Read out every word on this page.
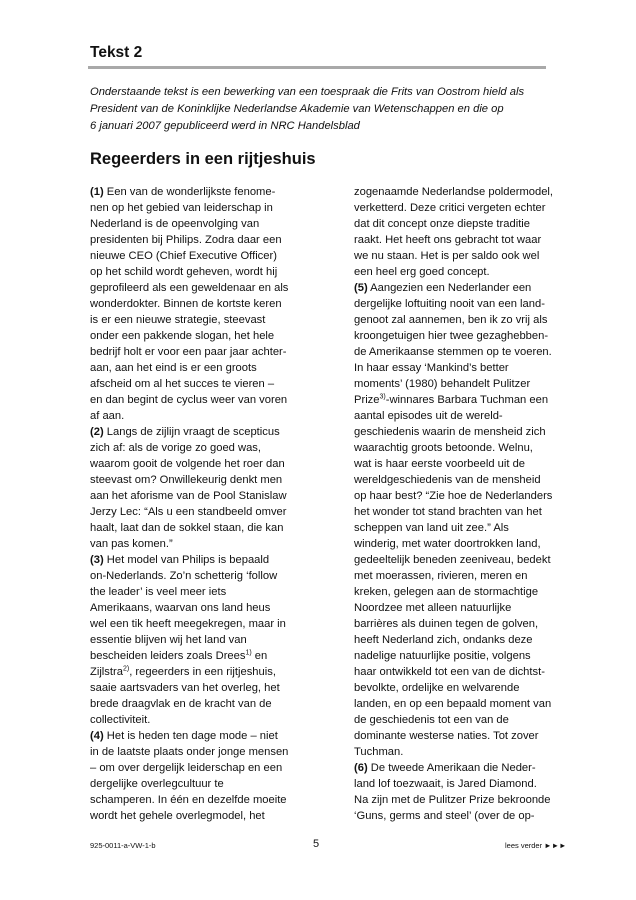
Tekst 2
Onderstaande tekst is een bewerking van een toespraak die Frits van Oostrom hield als
President van de Koninklijke Nederlandse Akademie van Wetenschappen en die op
6 januari 2007 gepubliceerd werd in NRC Handelsblad
Regeerders in een rijtjeshuis
(1) Een van de wonderlijkste fenome-
nen op het gebied van leiderschap in
Nederland is de opeenvolging van
presidenten bij Philips. Zodra daar een
nieuwe CEO (Chief Executive Officer)
op het schild wordt geheven, wordt hij
geprofileerd als een geweldenaar en als
wonderdokter. Binnen de kortste keren
is er een nieuwe strategie, steevast
onder een pakkende slogan, het hele
bedrijf holt er voor een paar jaar achter-
aan, aan het eind is er een groots
afscheid om al het succes te vieren –
en dan begint de cyclus weer van voren
af aan.
(2) Langs de zijlijn vraagt de scepticus
zich af: als de vorige zo goed was,
waarom gooit de volgende het roer dan
steevast om? Onwillekeurig denkt men
aan het aforisme van de Pool Stanislaw
Jerzy Lec: “Als u een standbeeld omver
haalt, laat dan de sokkel staan, die kan
van pas komen.”
(3) Het model van Philips is bepaald
on-Nederlands. Zo’n schetterig ‘follow
the leader’ is veel meer iets
Amerikaans, waarvan ons land heus
wel een tik heeft meegekregen, maar in
essentie blijven wij het land van
bescheiden leiders zoals Drees$^{1)}$ en
Zijlstra$^{2)}$, regeerders in een rijtjeshuis,
saaie aartsvaders van het overleg, het
brede draagvlak en de kracht van de
collectiviteit.
(4) Het is heden ten dage mode – niet
in de laatste plaats onder jonge mensen
– om over dergelijk leiderschap en een
dergelijke overlegcultuur te
schamperen. In één en dezelfde moeite
wordt het gehele overlegmodel, het
zogenaamde Nederlandse poldermodel,
verketterd. Deze critici vergeten echter
dat dit concept onze diepste traditie
raakt. Het heeft ons gebracht tot waar
we nu staan. Het is per saldo ook wel
een heel erg goed concept.
(5) Aangezien een Nederlander een
dergelijke loftuiting nooit van een land-
genoot zal aannemen, ben ik zo vrij als
kroongetuigen hier twee gezaghebben-
de Amerikaanse stemmen op te voeren.
In haar essay ‘Mankind’s better
moments’ (1980) behandelt Pulitzer
Prize$^{3)}$-winnares Barbara Tuchman een
aantal episodes uit de wereld-
geschiedenis waarin de mensheid zich
waarachtig groots betoonde. Welnu,
wat is haar eerste voorbeeld uit de
wereldgeschiedenis van de mensheid
op haar best? “Zie hoe de Nederlanders
het wonder tot stand brachten van het
scheppen van land uit zee.” Als
winderig, met water doortrokken land,
gedeeltelijk beneden zeeniveau, bedekt
met moerassen, rivieren, meren en
kreken, gelegen aan de stormachtige
Noordzee met alleen natuurlijke
barrières als duinen tegen de golven,
heeft Nederland zich, ondanks deze
nadelige natuurlijke positie, volgens
haar ontwikkeld tot een van de dichtst-
bevolkte, ordelijke en welvarende
landen, en op een bepaald moment van
de geschiedenis tot een van de
dominante westerse naties. Tot zover
Tuchman.
(6) De tweede Amerikaan die Neder-
land lof toezwaait, is Jared Diamond.
Na zijn met de Pulitzer Prize bekroonde
‘Guns, germs and steel’ (over de op-
925-0011-a-VW-1-b	5	lees verder ►►►
